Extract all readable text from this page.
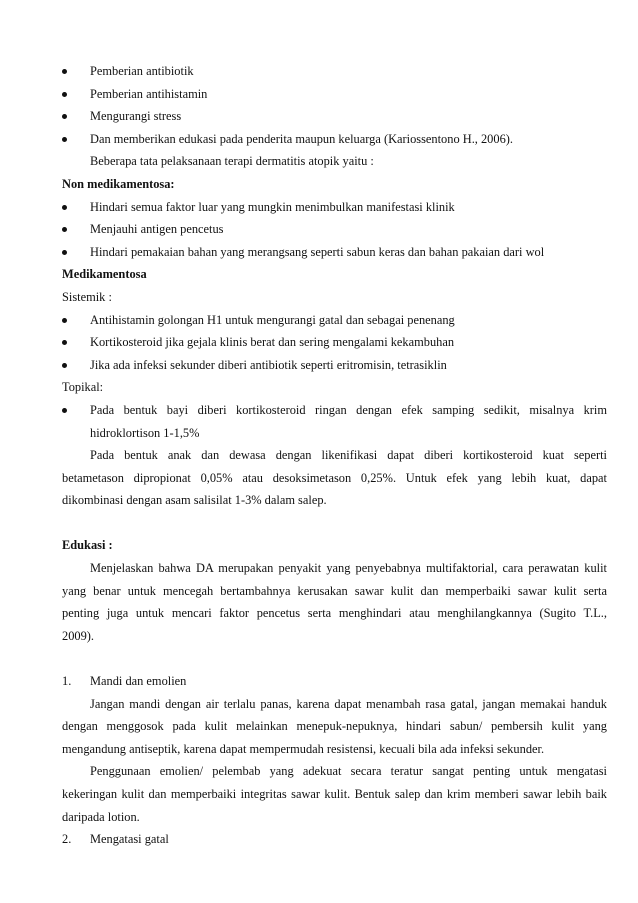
Pemberian antibiotik
Pemberian antihistamin
Mengurangi stress
Dan memberikan edukasi pada penderita maupun keluarga (Kariossentono H., 2006).
Beberapa tata pelaksanaan terapi dermatitis atopik yaitu :
Non medikamentosa:
Hindari semua faktor luar yang mungkin menimbulkan manifestasi klinik
Menjauhi antigen pencetus
Hindari pemakaian bahan yang merangsang seperti sabun keras dan bahan pakaian dari wol
Medikamentosa
Sistemik :
Antihistamin golongan H1 untuk mengurangi gatal dan sebagai penenang
Kortikosteroid jika gejala klinis berat dan sering mengalami kekambuhan
Jika ada infeksi sekunder diberi antibiotik seperti eritromisin, tetrasiklin
Topikal:
Pada bentuk bayi diberi kortikosteroid ringan dengan efek samping sedikit, misalnya krim
hidroklortison 1-1,5%
Pada bentuk anak dan dewasa dengan likenifikasi dapat diberi kortikosteroid kuat seperti
betametason dipropionat 0,05% atau desoksimetason 0,25%. Untuk efek yang lebih kuat, dapat
dikombinasi dengan asam salisilat 1-3% dalam salep.
Edukasi :
Menjelaskan bahwa DA merupakan penyakit yang penyebabnya multifaktorial, cara perawatan kulit
yang benar untuk mencegah bertambahnya kerusakan sawar kulit dan memperbaiki sawar kulit serta
penting juga untuk mencari faktor pencetus serta menghindari atau menghilangkannya (Sugito T.L.,
2009).
1. Mandi dan emolien
Jangan mandi dengan air terlalu panas, karena dapat menambah rasa gatal, jangan memakai handuk
dengan menggosok pada kulit melainkan menepuk-nepuknya, hindari sabun/ pembersih kulit yang
mengandung antiseptik, karena dapat mempermudah resistensi, kecuali bila ada infeksi sekunder.
Penggunaan emolien/ pelembab yang adekuat secara teratur sangat penting untuk mengatasi
kekeringan kulit dan memperbaiki integritas sawar kulit. Bentuk salep dan krim memberi sawar lebih baik
daripada lotion.
2. Mengatasi gatal
